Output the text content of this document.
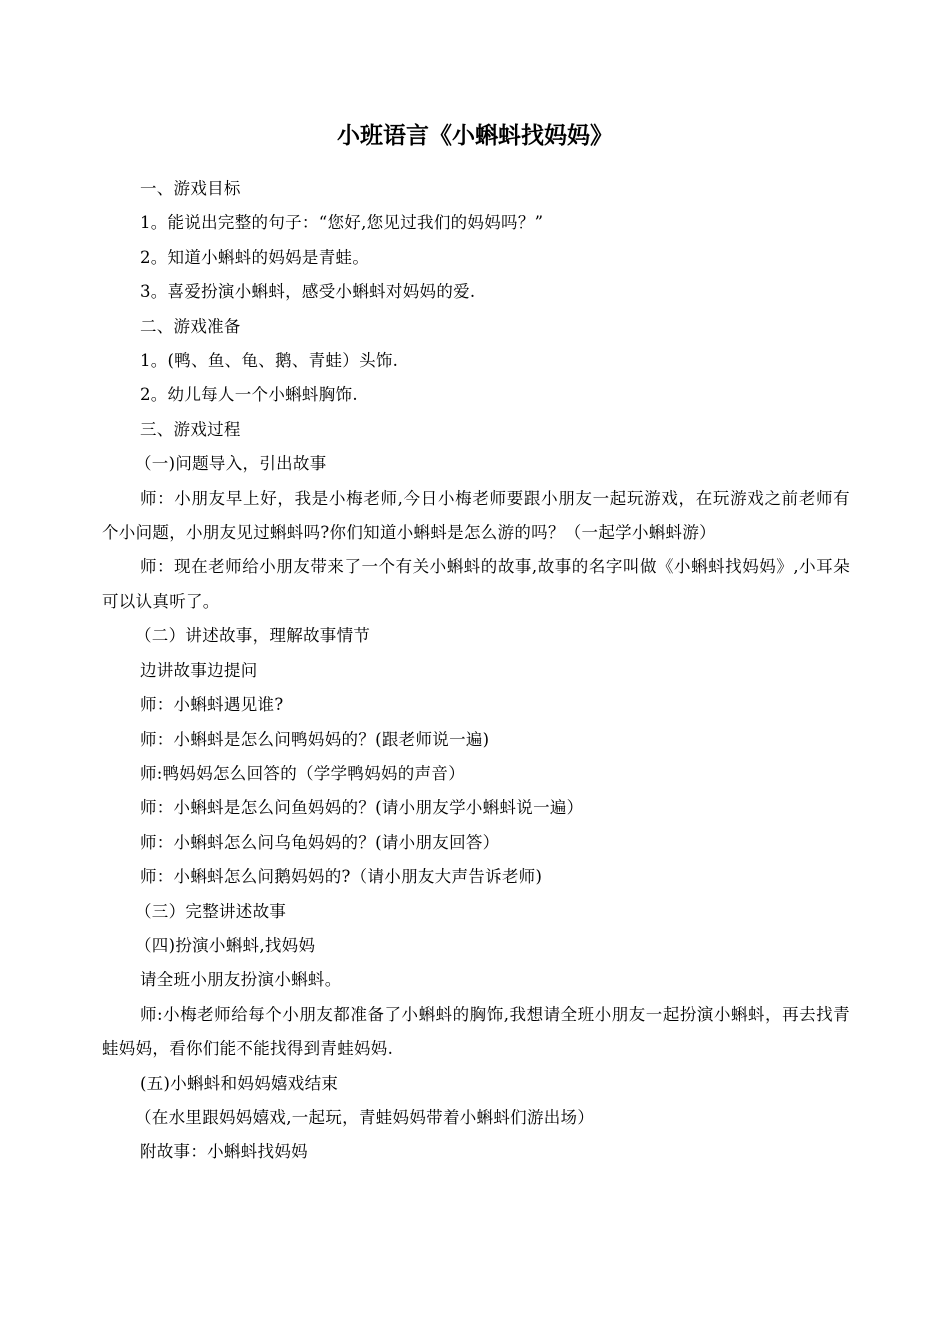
小班语言《小蝌蚪找妈妈》

一、游戏目标

1。能说出完整的句子：“您好,您见过我们的妈妈吗？”

2。知道小蝌蚪的妈妈是青蛙。

3。喜爱扮演小蝌蚪，感受小蝌蚪对妈妈的爱.

二、游戏准备

1。(鸭、鱼、龟、鹅、青蛙）头饰.

2。幼儿每人一个小蝌蚪胸饰.

三、游戏过程

（一)问题导入，引出故事

师：小朋友早上好，我是小梅老师,今日小梅老师要跟小朋友一起玩游戏，在玩游戏之前老师有个小问题，小朋友见过蝌蚪吗?你们知道小蝌蚪是怎么游的吗？（一起学小蝌蚪游）

师：现在老师给小朋友带来了一个有关小蝌蚪的故事,故事的名字叫做《小蝌蚪找妈妈》,小耳朵可以认真听了。

（二）讲述故事，理解故事情节

边讲故事边提问

师：小蝌蚪遇见谁?

师：小蝌蚪是怎么问鸭妈妈的？(跟老师说一遍)

师:鸭妈妈怎么回答的（学学鸭妈妈的声音）

师：小蝌蚪是怎么问鱼妈妈的？(请小朋友学小蝌蚪说一遍）

师：小蝌蚪怎么问乌龟妈妈的？(请小朋友回答）

师：小蝌蚪怎么问鹅妈妈的?（请小朋友大声告诉老师)

（三）完整讲述故事

（四)扮演小蝌蚪,找妈妈

请全班小朋友扮演小蝌蚪。

师:小梅老师给每个小朋友都准备了小蝌蚪的胸饰,我想请全班小朋友一起扮演小蝌蚪，再去找青蛙妈妈，看你们能不能找得到青蛙妈妈.

(五)小蝌蚪和妈妈嬉戏结束

（在水里跟妈妈嬉戏,一起玩，青蛙妈妈带着小蝌蚪们游出场）

附故事：小蝌蚪找妈妈
